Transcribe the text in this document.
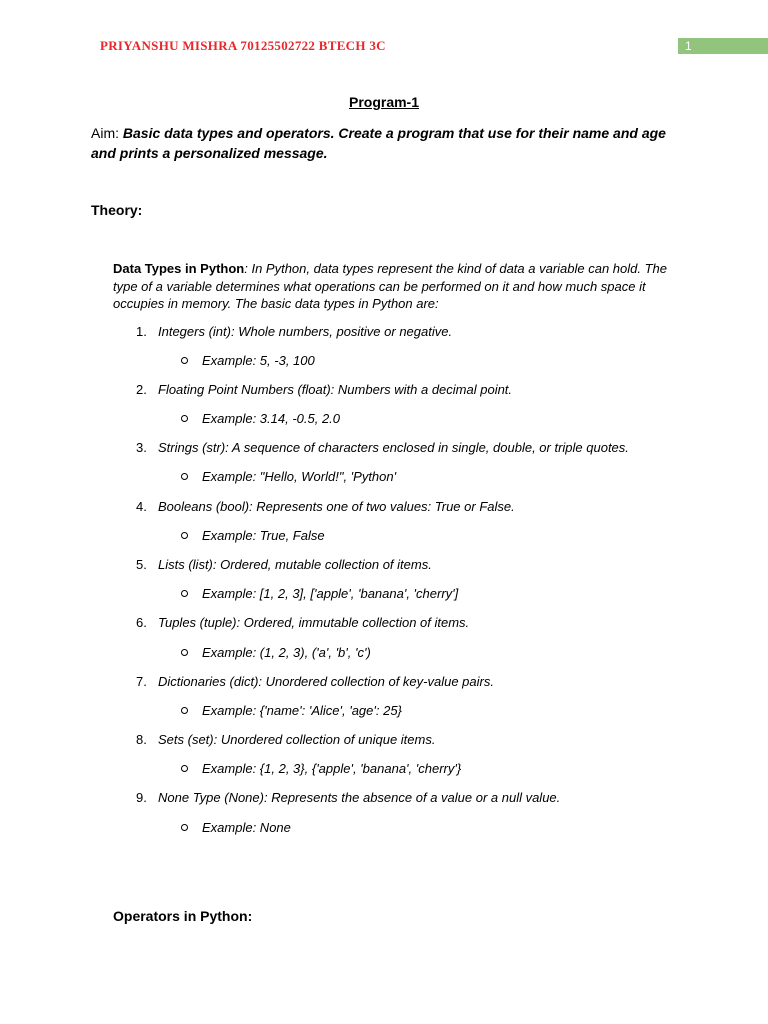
PRIYANSHU MISHRA 70125502722 BTECH 3C	1
Program-1
Aim: Basic data types and operators. Create a program that use for their name and age and prints a personalized message.
Theory:
Data Types in Python: In Python, data types represent the kind of data a variable can hold. The type of a variable determines what operations can be performed on it and how much space it occupies in memory. The basic data types in Python are:
1. Integers (int): Whole numbers, positive or negative.
Example: 5, -3, 100
2. Floating Point Numbers (float): Numbers with a decimal point.
Example: 3.14, -0.5, 2.0
3. Strings (str): A sequence of characters enclosed in single, double, or triple quotes.
Example: "Hello, World!", 'Python'
4. Booleans (bool): Represents one of two values: True or False.
Example: True, False
5. Lists (list): Ordered, mutable collection of items.
Example: [1, 2, 3], ['apple', 'banana', 'cherry']
6. Tuples (tuple): Ordered, immutable collection of items.
Example: (1, 2, 3), ('a', 'b', 'c')
7. Dictionaries (dict): Unordered collection of key-value pairs.
Example: {'name': 'Alice', 'age': 25}
8. Sets (set): Unordered collection of unique items.
Example: {1, 2, 3}, {'apple', 'banana', 'cherry'}
9. None Type (None): Represents the absence of a value or a null value.
Example: None
Operators in Python:
